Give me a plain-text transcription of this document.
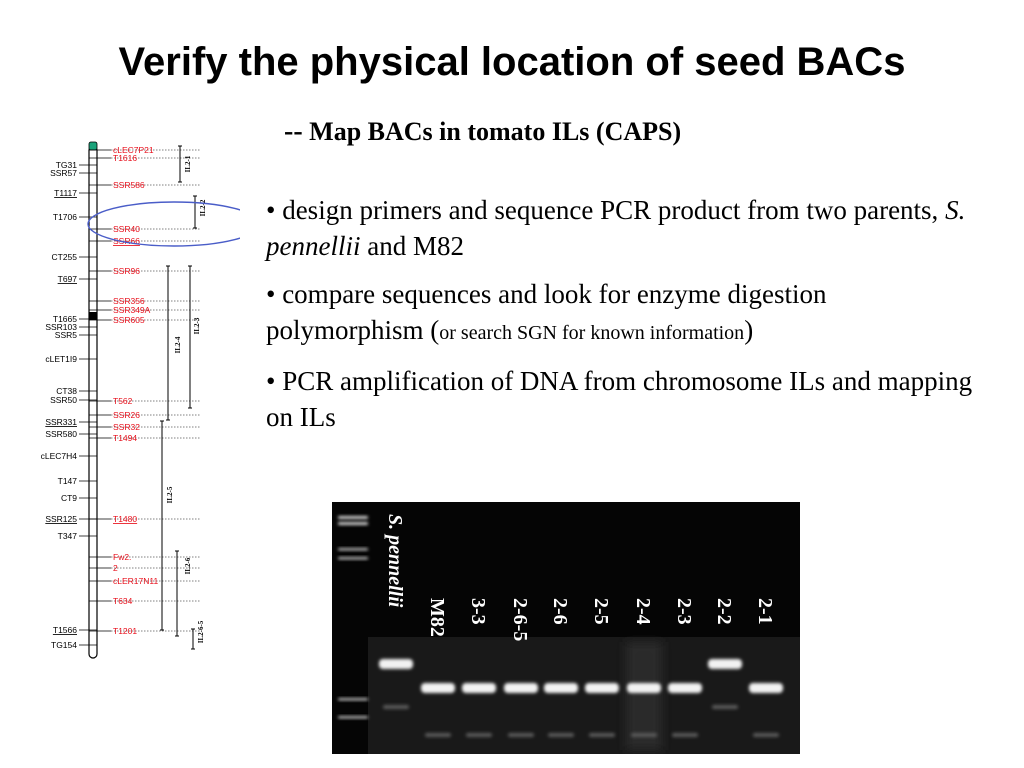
Verify the physical location of seed BACs
-- Map BACs in tomato ILs (CAPS)

• design primers and sequence PCR product from two parents, S. pennellii and M82

• compare sequences and look for enzyme digestion polymorphism (or search SGN for known information)

• PCR amplification of DNA from chromosome ILs and mapping on ILs

TG31
SSR57
T1117
T1706
CT255
T697
T1665
SSR103
SSR5
cLET1I9
CT38
SSR50
SSR331
SSR580
cLEC7H4
T147
CT9
SSR125
T347
T1566
TG154
cLEC7P21
T1616
SSR586
SSR40
SSR66
SSR96
SSR356
SSR349A
SSR605
T562
SSR26
SSR32
T1494
T1480
Fw2.
2
cLER17N11
T634
T1201
IL2-1
IL2-2
IL2-3
IL2-4
IL2-5
IL2-6
IL2-6-5
S. pennellii
M82 3-3 2-6-5 2-6 2-5 2-4 2-3 2-2 2-1
